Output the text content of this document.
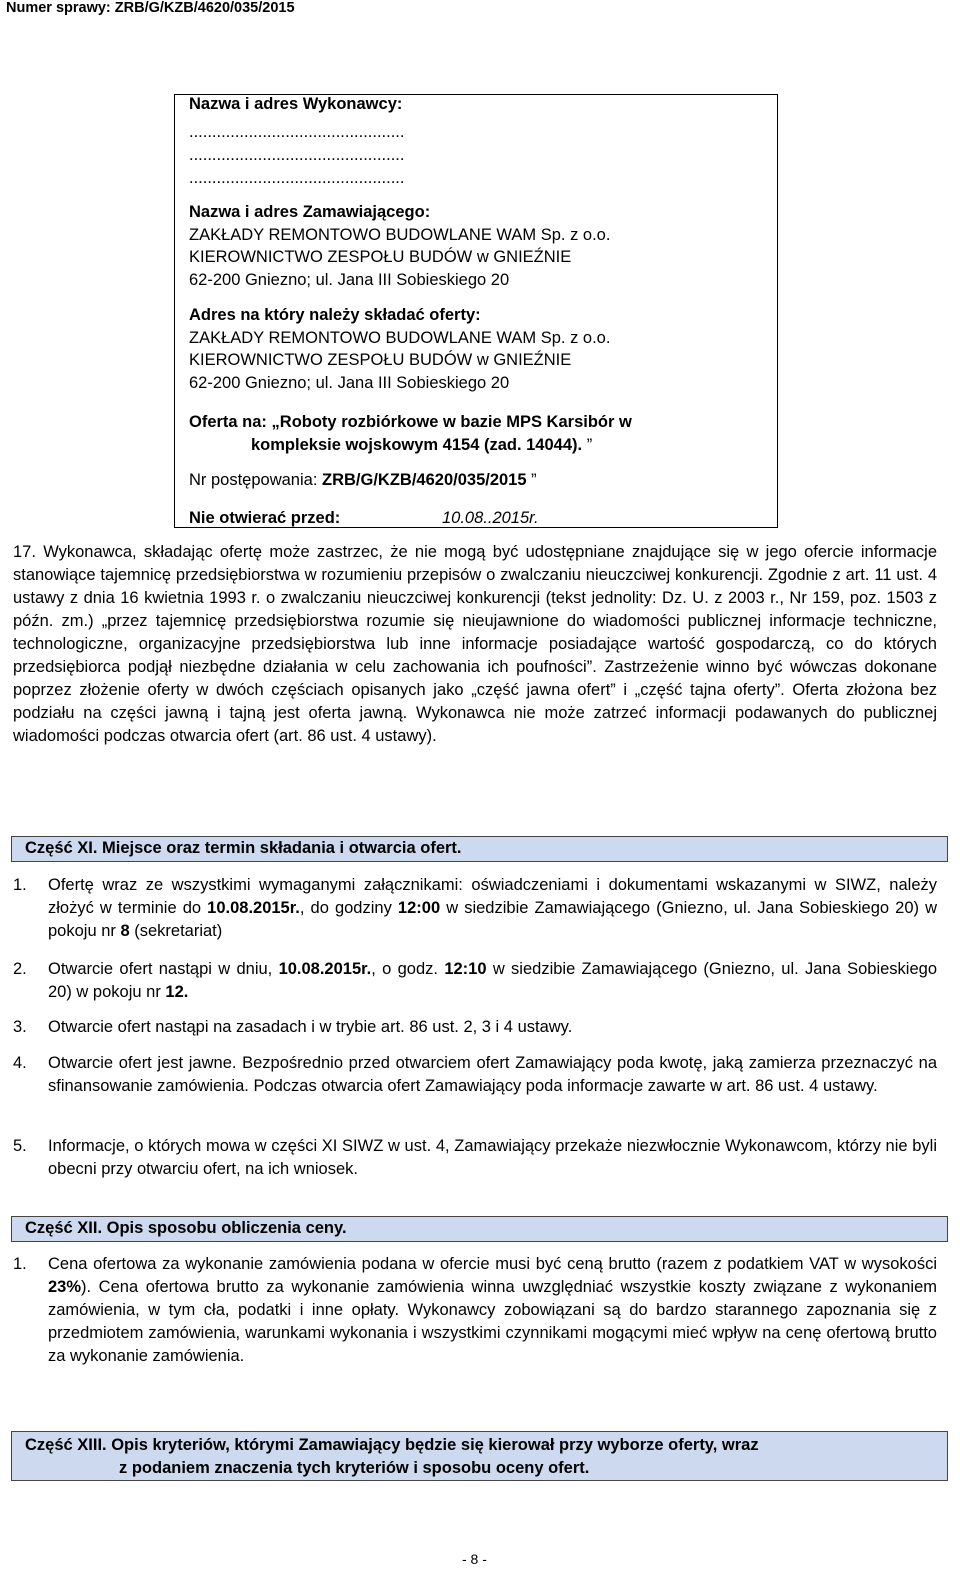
Numer sprawy: ZRB/G/KZB/4620/035/2015
Nazwa i adres Wykonawcy:
...............................................
...............................................
...............................................
Nazwa i adres Zamawiającego:
ZAKŁADY REMONTOWO BUDOWLANE WAM Sp. z o.o.
KIEROWNICTWO ZESPOŁU BUDÓW w GNIEŹNIE
62-200 Gniezno; ul. Jana III Sobieskiego 20
Adres na który należy składać oferty:
ZAKŁADY REMONTOWO BUDOWLANE WAM Sp. z o.o.
KIEROWNICTWO ZESPOŁU BUDÓW w GNIEŹNIE
62-200 Gniezno; ul. Jana III Sobieskiego 20
Oferta na: „Roboty rozbiórkowe w bazie MPS Karsibór w
kompleksie wojskowym 4154 (zad. 14044). ”
Nr postępowania: ZRB/G/KZB/4620/035/2015 ”
Nie otwierać przed:	10.08..2015r.
17. Wykonawca, składając ofertę może zastrzec, że nie mogą być udostępniane znajdujące się w jego ofercie informacje stanowiące tajemnicę przedsiębiorstwa w rozumieniu przepisów o zwalczaniu nieuczciwej konkurencji. Zgodnie z art. 11 ust. 4 ustawy z dnia 16 kwietnia 1993 r. o zwalczaniu nieuczciwej konkurencji (tekst jednolity: Dz. U. z 2003 r., Nr 159, poz. 1503 z późn. zm.) „przez tajemnicę przedsiębiorstwa rozumie się nieujawnione do wiadomości publicznej informacje techniczne, technologiczne, organizacyjne przedsiębiorstwa lub inne informacje posiadające wartość gospodarczą, co do których przedsiębiorca podjął niezbędne działania w celu zachowania ich poufności”. Zastrzeżenie winno być wówczas dokonane poprzez złożenie oferty w dwóch częściach opisanych jako „część jawna ofert” i „część tajna oferty”. Oferta złożona bez podziału na części jawną i tajną jest oferta jawną. Wykonawca nie może zatrzeć informacji podawanych do publicznej wiadomości podczas otwarcia ofert (art. 86 ust. 4 ustawy).
Część XI. Miejsce oraz termin składania i otwarcia ofert.
1. Ofertę wraz ze wszystkimi wymaganymi załącznikami: oświadczeniami i dokumentami wskazanymi w SIWZ, należy złożyć w terminie do 10.08.2015r., do godziny 12:00 w siedzibie Zamawiającego (Gniezno, ul. Jana Sobieskiego 20) w pokoju nr 8 (sekretariat)
2. Otwarcie ofert nastąpi w dniu, 10.08.2015r., o godz. 12:10 w siedzibie Zamawiającego (Gniezno, ul. Jana Sobieskiego 20) w pokoju nr 12.
3. Otwarcie ofert nastąpi na zasadach i w trybie art. 86 ust. 2, 3 i 4 ustawy.
4. Otwarcie ofert jest jawne. Bezpośrednio przed otwarciem ofert Zamawiający poda kwotę, jaką zamierza przeznaczyć na sfinansowanie zamówienia. Podczas otwarcia ofert Zamawiający poda informacje zawarte w art. 86 ust. 4 ustawy.
5. Informacje, o których mowa w części XI SIWZ w ust. 4, Zamawiający przekaże niezwłocznie Wykonawcom, którzy nie byli obecni przy otwarciu ofert, na ich wniosek.
Część XII. Opis sposobu obliczenia ceny.
1. Cena ofertowa za wykonanie zamówienia podana w ofercie musi być ceną brutto (razem z podatkiem VAT w wysokości 23%). Cena ofertowa brutto za wykonanie zamówienia winna uwzględniać wszystkie koszty związane z wykonaniem zamówienia, w tym cła, podatki i inne opłaty. Wykonawcy zobowiązani są do bardzo starannego zapoznania się z przedmiotem zamówienia, warunkami wykonania i wszystkimi czynnikami mogącymi mieć wpływ na cenę ofertową brutto za wykonanie zamówienia.
Część XIII. Opis kryteriów, którymi Zamawiający będzie się kierował przy wyborze oferty, wraz
z podaniem znaczenia tych kryteriów i sposobu oceny ofert.
- 8 -
